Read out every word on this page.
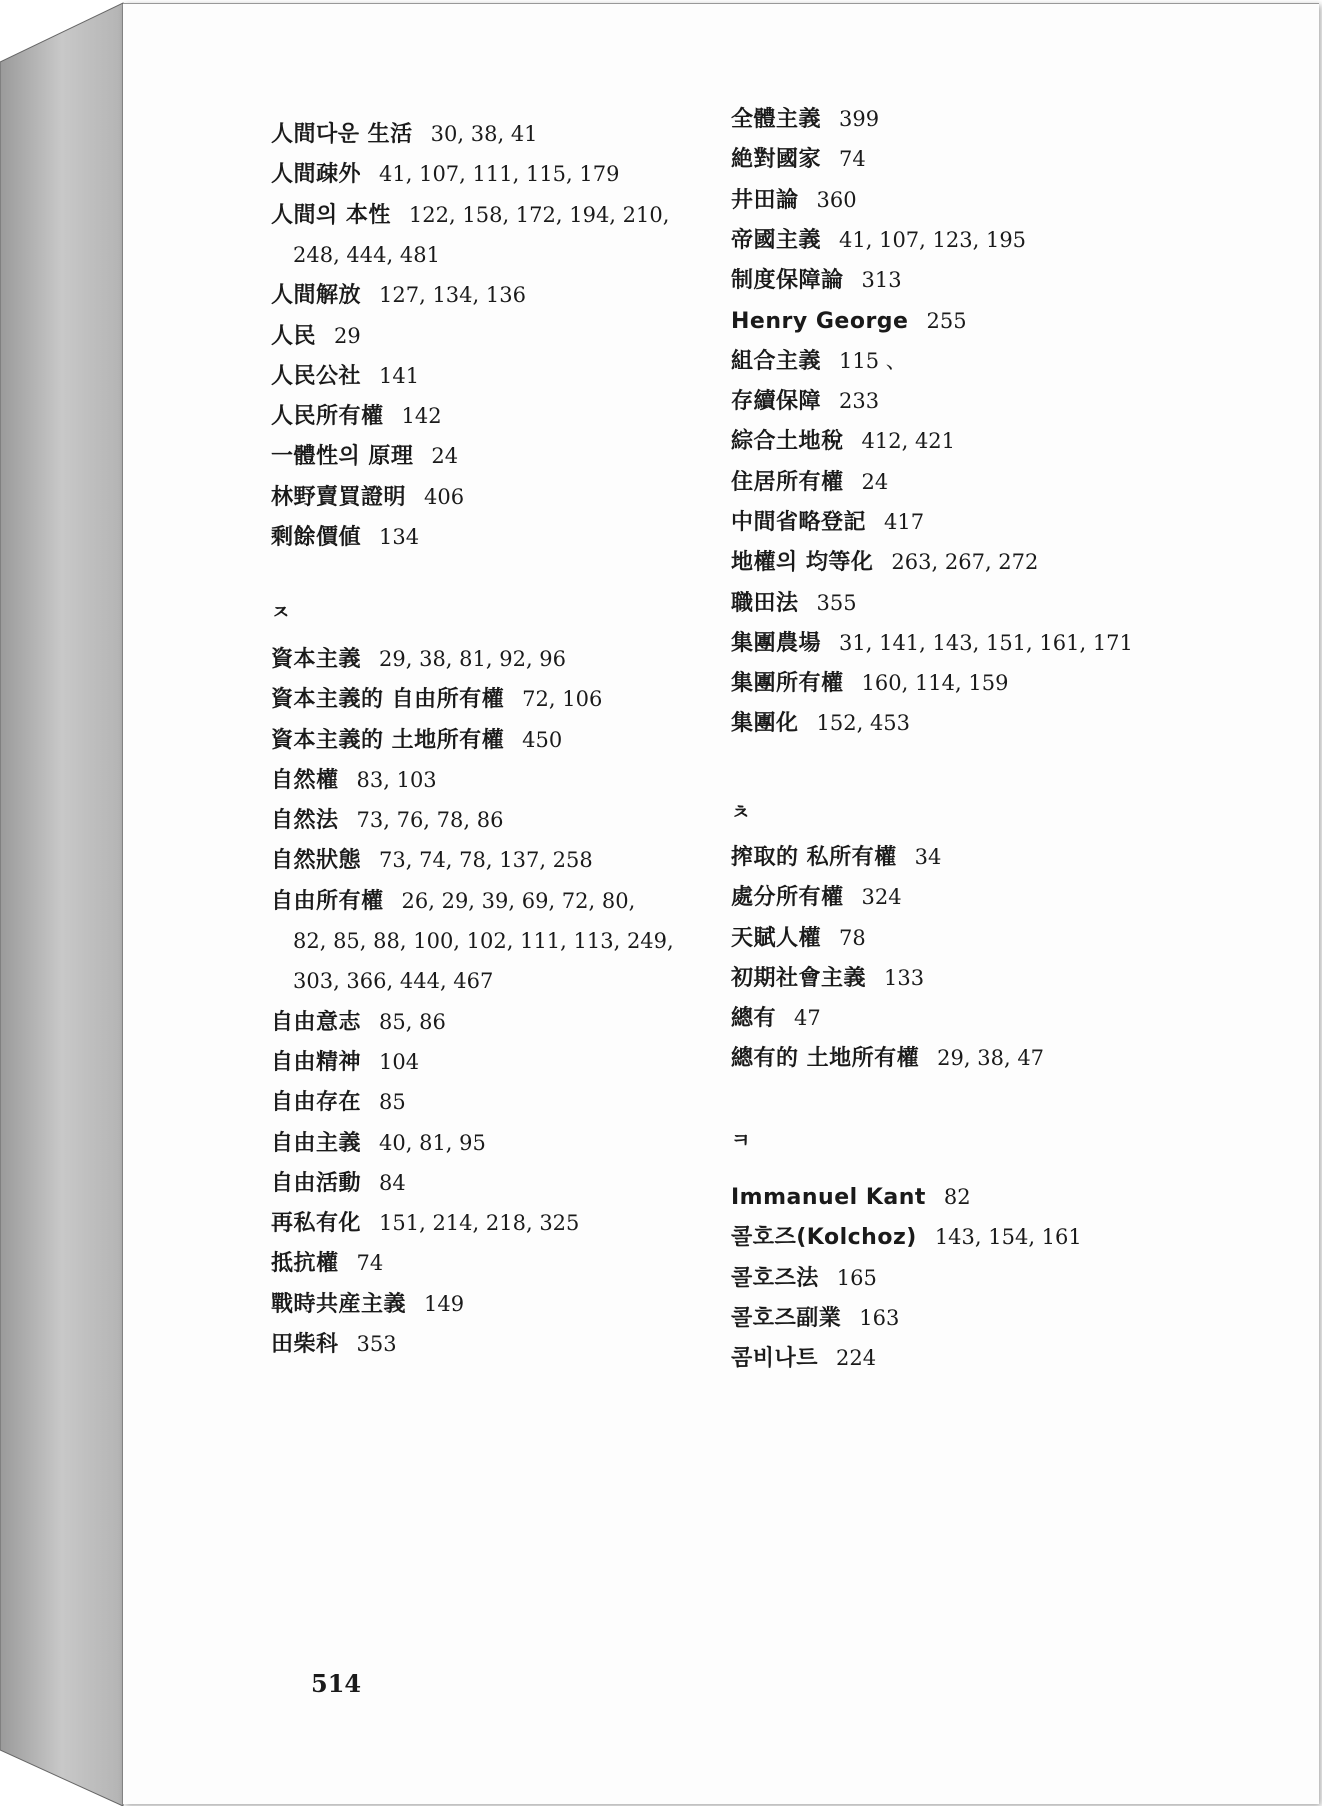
人間다운 生活 30, 38, 41
人間疎外 41, 107, 111, 115, 179
人間의 本性 122, 158, 172, 194, 210,
248, 444, 481
人間解放 127, 134, 136
人民 29
人民公社 141
人民所有權 142
一體性의 原理 24
林野賣買證明 406
剩餘價値 134
ㅈ
資本主義 29, 38, 81, 92, 96
資本主義的 自由所有權 72, 106
資本主義的 土地所有權 450
自然權 83, 103
自然法 73, 76, 78, 86
自然狀態 73, 74, 78, 137, 258
自由所有權 26, 29, 39, 69, 72, 80,
82, 85, 88, 100, 102, 111, 113, 249,
303, 366, 444, 467
自由意志 85, 86
自由精神 104
自由存在 85
自由主義 40, 81, 95
自由活動 84
再私有化 151, 214, 218, 325
抵抗權 74
戰時共産主義 149
田柴科 353
全體主義 399
絶對國家 74
井田論 360
帝國主義 41, 107, 123, 195
制度保障論 313
Henry George 255
組合主義 115 、
存續保障 233
綜合土地稅 412, 421
住居所有權 24
中間省略登記 417
地權의 均等化 263, 267, 272
職田法 355
集團農場 31, 141, 143, 151, 161, 171
集團所有權 160, 114, 159
集團化 152, 453
ㅊ
搾取的 私所有權 34
處分所有權 324
天賦人權 78
初期社會主義 133
總有 47
總有的 土地所有權 29, 38, 47
ㅋ
Immanuel Kant 82
콜호즈(Kolchoz) 143, 154, 161
콜호즈法 165
콜호즈副業 163
콤비나트 224
514
